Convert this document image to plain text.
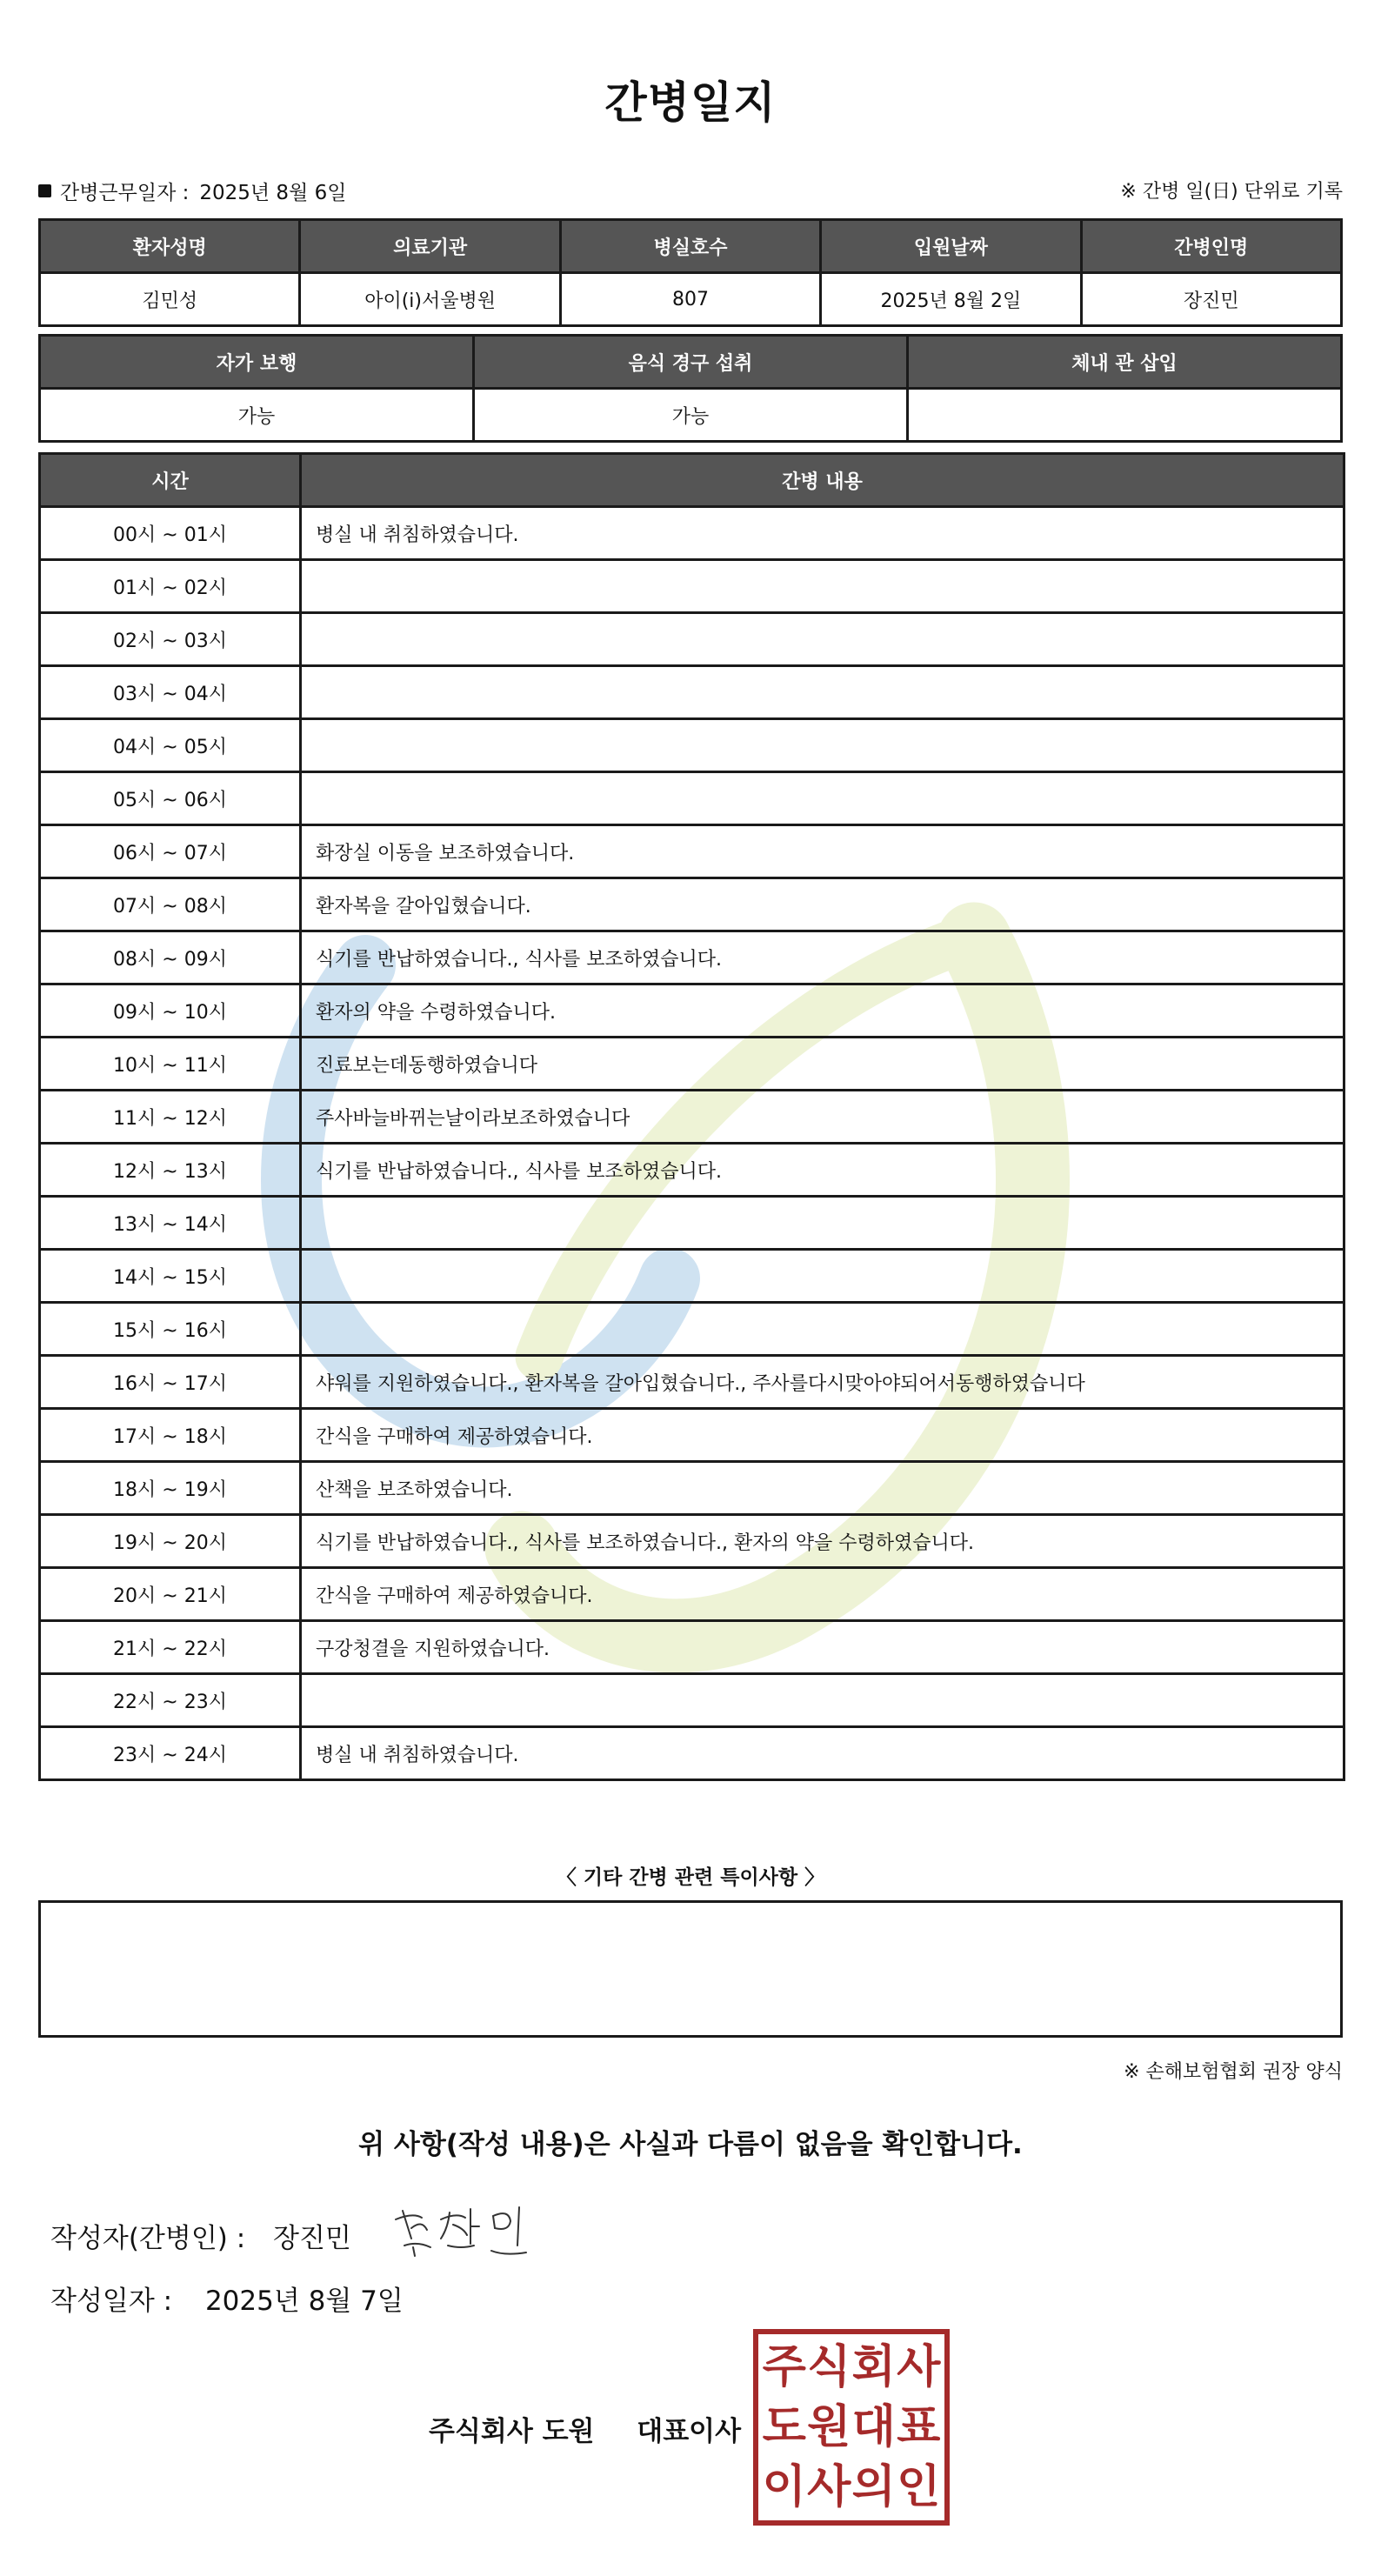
간병일지
간병근무일자 : 2025년 8월 6일	※ 간병 일(日) 단위로 기록
환자성명	의료기관	병실호수	입원날짜	간병인명
김민성	아이(i)서울병원	807	2025년 8월 2일	장진민
자가 보행	음식 경구 섭취	체내 관 삽입
가능	가능	
시간	간병 내용
00시 ~ 01시	병실 내 취침하였습니다.
01시 ~ 02시	
02시 ~ 03시	
03시 ~ 04시	
04시 ~ 05시	
05시 ~ 06시	
06시 ~ 07시	화장실 이동을 보조하였습니다.
07시 ~ 08시	환자복을 갈아입혔습니다.
08시 ~ 09시	식기를 반납하였습니다., 식사를 보조하였습니다.
09시 ~ 10시	환자의 약을 수령하였습니다.
10시 ~ 11시	진료보는데동행하였습니다
11시 ~ 12시	주사바늘바뀌는날이라보조하였습니다
12시 ~ 13시	식기를 반납하였습니다., 식사를 보조하였습니다.
13시 ~ 14시	
14시 ~ 15시	
15시 ~ 16시	
16시 ~ 17시	샤워를 지원하였습니다., 환자복을 갈아입혔습니다., 주사를다시맞아야되어서동행하였습니다
17시 ~ 18시	간식을 구매하여 제공하였습니다.
18시 ~ 19시	산책을 보조하였습니다.
19시 ~ 20시	식기를 반납하였습니다., 식사를 보조하였습니다., 환자의 약을 수령하였습니다.
20시 ~ 21시	간식을 구매하여 제공하였습니다.
21시 ~ 22시	구강청결을 지원하였습니다.
22시 ~ 23시	
23시 ~ 24시	병실 내 취침하였습니다.
〈 기타 간병 관련 특이사항 〉
※ 손해보험협회 권장 양식
위 사항(작성 내용)은 사실과 다름이 없음을 확인합니다.
작성자(간병인) : 장진민
작성일자 : 2025년 8월 7일
주식회사 도원 대표이사
주 식 회 사
도 원 대 표
이 사 의 인
